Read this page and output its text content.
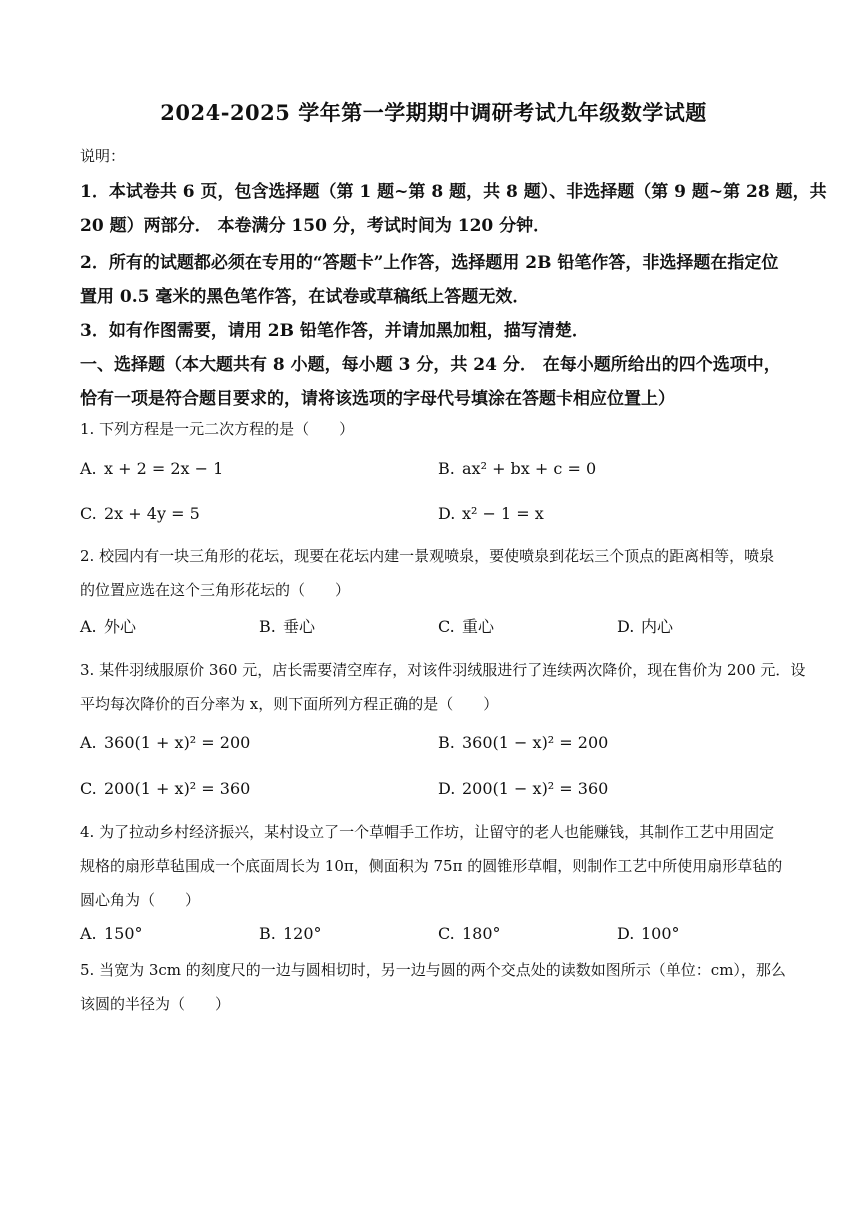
2024-2025 学年第一学期期中调研考试九年级数学试题
说明：
1．本试卷共 6 页，包含选择题（第 1 题~第 8 题，共 8 题）、非选择题（第 9 题~第 28 题，共
20 题）两部分． 本卷满分 150 分，考试时间为 120 分钟．
2．所有的试题都必须在专用的“答题卡”上作答，选择题用 2B 铅笔作答，非选择题在指定位
置用 0.5 毫米的黑色笔作答，在试卷或草稿纸上答题无效．
3．如有作图需要，请用 2B 铅笔作答，并请加黑加粗，描写清楚．
一、选择题（本大题共有 8 小题，每小题 3 分，共 24 分． 在每小题所给出的四个选项中，
恰有一项是符合题目要求的，请将该选项的字母代号填涂在答题卡相应位置上）
1. 下列方程是一元二次方程的是（　　）
A. x + 2 = 2x − 1	B. ax² + bx + c = 0
C. 2x + 4y = 5	D. x² − 1 = x
2. 校园内有一块三角形的花坛，现要在花坛内建一景观喷泉，要使喷泉到花坛三个顶点的距离相等，喷泉
的位置应选在这个三角形花坛的（　　）
A. 外心	B. 垂心	C. 重心	D. 内心
3. 某件羽绒服原价 360 元，店长需要清空库存，对该件羽绒服进行了连续两次降价，现在售价为 200 元．设
平均每次降价的百分率为 x，则下面所列方程正确的是（　　）
A. 360(1 + x)² = 200	B. 360(1 − x)² = 200
C. 200(1 + x)² = 360	D. 200(1 − x)² = 360
4. 为了拉动乡村经济振兴，某村设立了一个草帽手工作坊，让留守的老人也能赚钱，其制作工艺中用固定
规格的扇形草毡围成一个底面周长为 10π，侧面积为 75π 的圆锥形草帽，则制作工艺中所使用扇形草毡的
圆心角为（　　）
A. 150°	B. 120°	C. 180°	D. 100°
5. 当宽为 3cm 的刻度尺的一边与圆相切时，另一边与圆的两个交点处的读数如图所示（单位：cm），那么
该圆的半径为（　　）
